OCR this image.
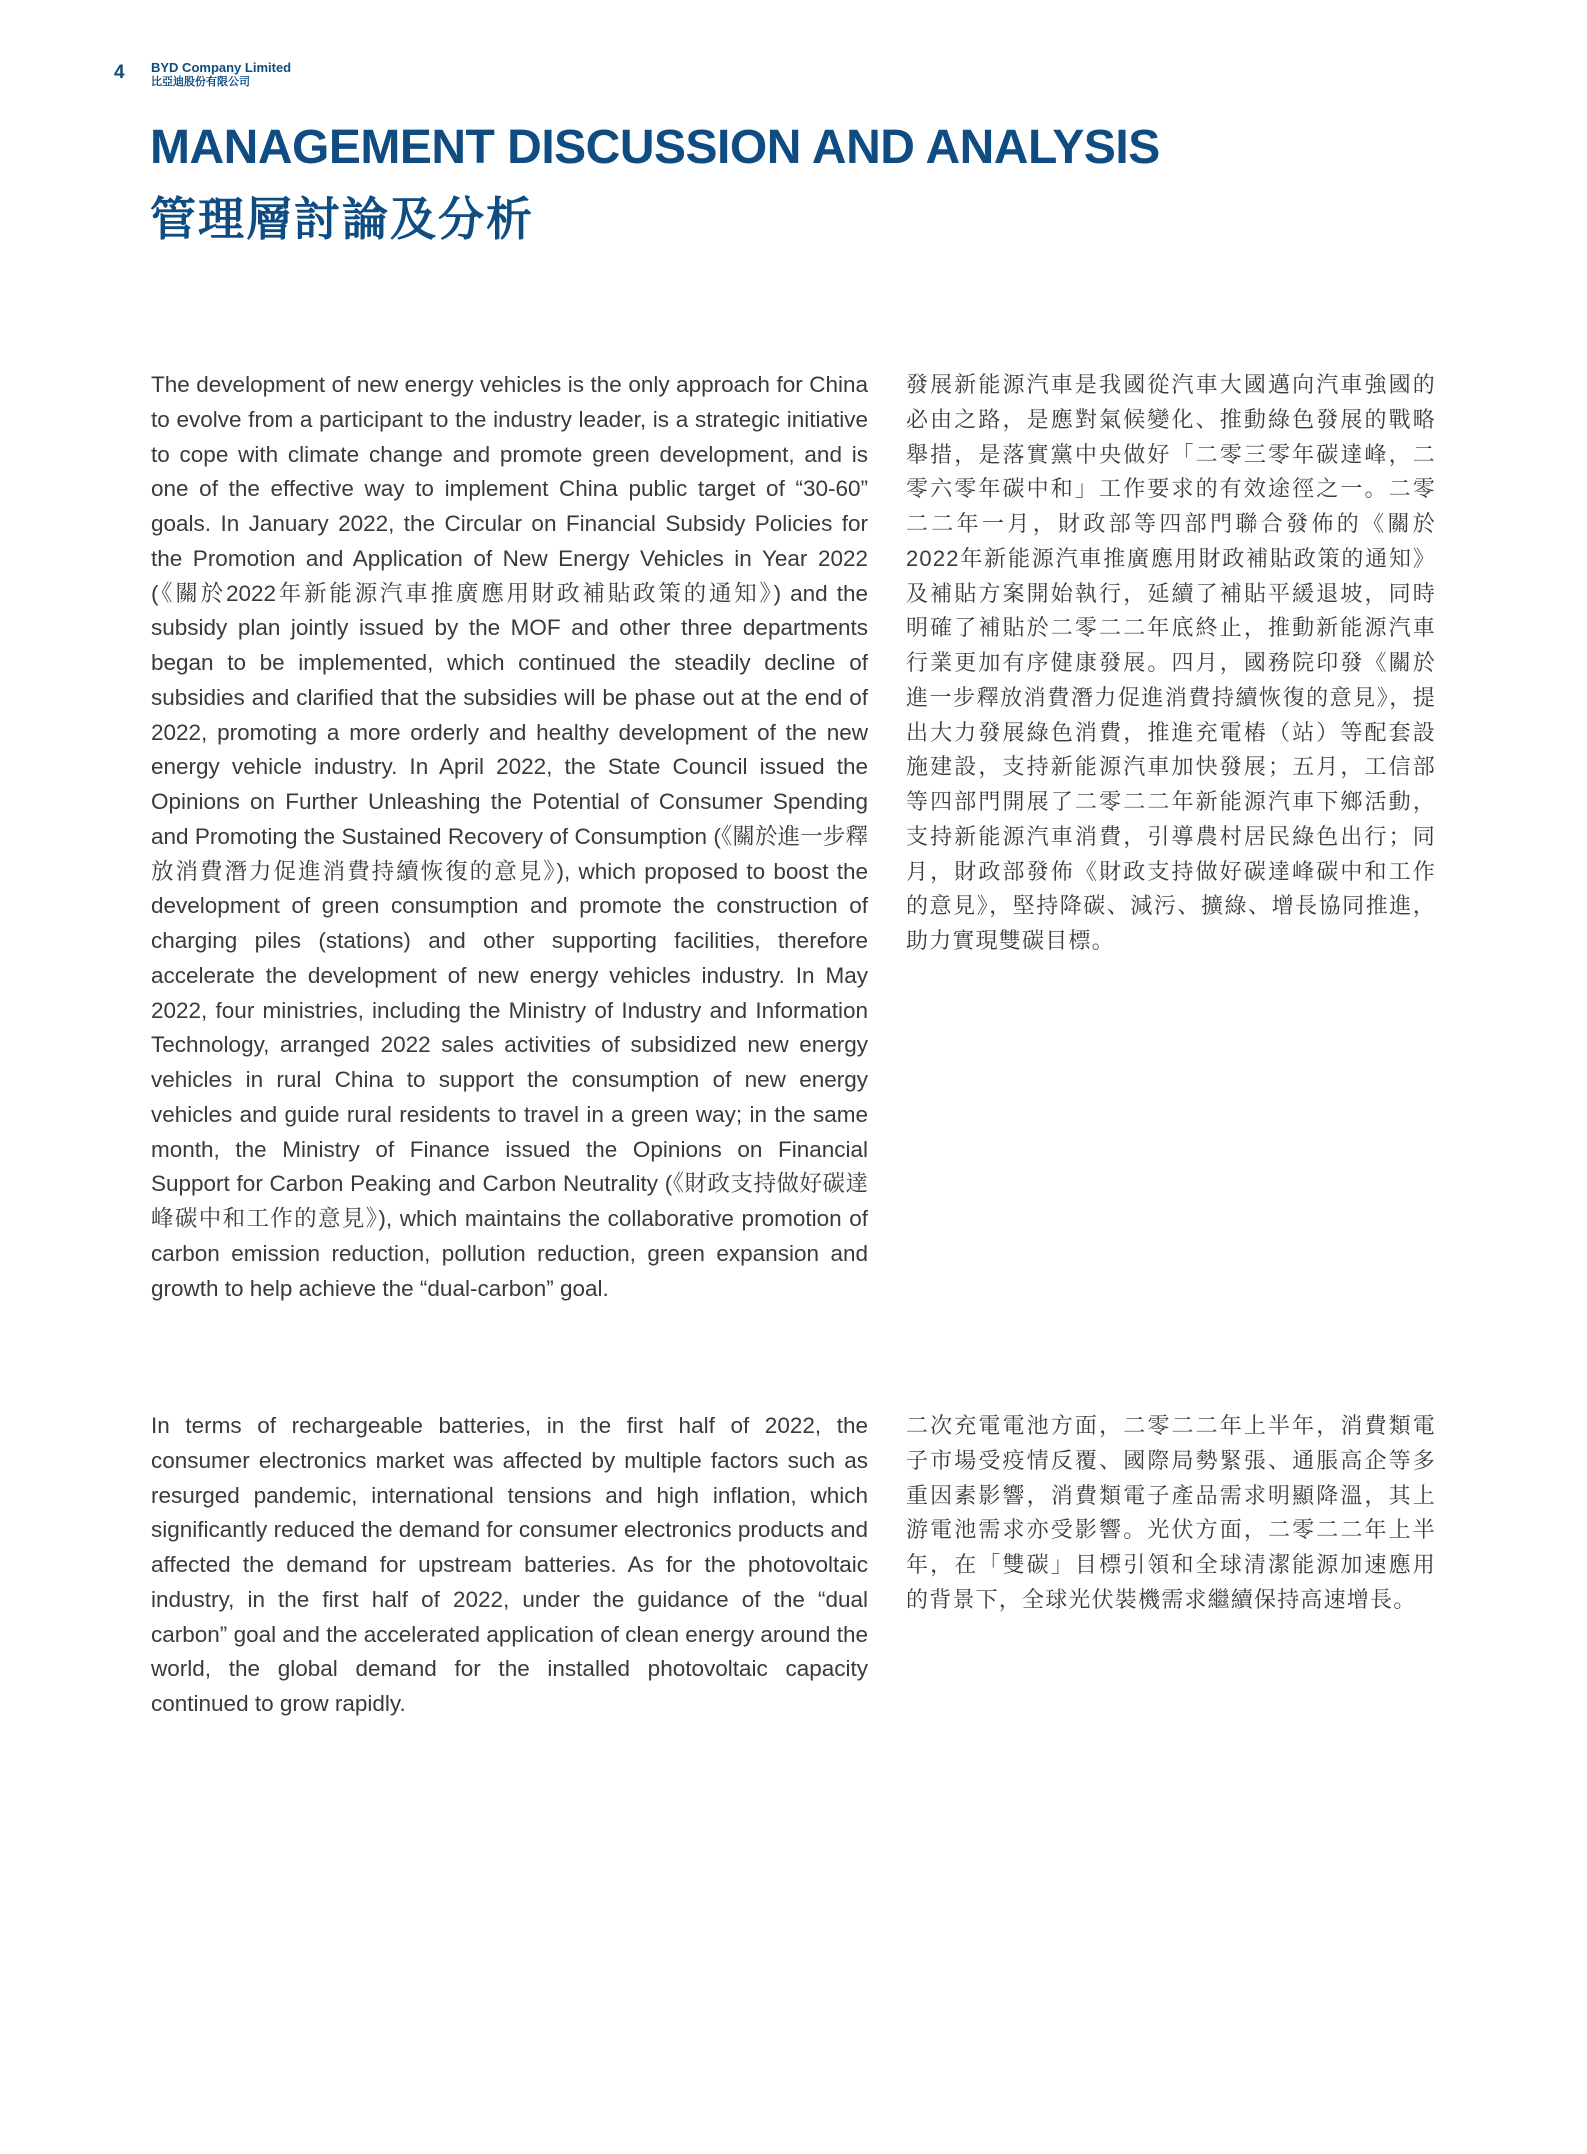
4 BYD Company Limited
比亞迪股份有限公司
MANAGEMENT DISCUSSION AND ANALYSIS
管理層討論及分析

The development of new energy vehicles is the only approach for China to evolve from a participant to the industry leader, is a strategic initiative to cope with climate change and promote green development, and is one of the effective way to implement China public target of “30-60” goals. In January 2022, the Circular on Financial Subsidy Policies for the Promotion and Application of New Energy Vehicles in Year 2022 (《關於2022年新能源汽車推廣應用財政補貼政策的通知》) and the subsidy plan jointly issued by the MOF and other three departments began to be implemented, which continued the steadily decline of subsidies and clarified that the subsidies will be phase out at the end of 2022, promoting a more orderly and healthy development of the new energy vehicle industry. In April 2022, the State Council issued the Opinions on Further Unleashing the Potential of Consumer Spending and Promoting the Sustained Recovery of Consumption (《關於進一步釋放消費潛力促進消費持續恢復的意見》), which proposed to boost the development of green consumption and promote the construction of charging piles (stations) and other supporting facilities, therefore accelerate the development of new energy vehicles industry. In May 2022, four ministries, including the Ministry of Industry and Information Technology, arranged 2022 sales activities of subsidized new energy vehicles in rural China to support the consumption of new energy vehicles and guide rural residents to travel in a green way; in the same month, the Ministry of Finance issued the Opinions on Financial Support for Carbon Peaking and Carbon Neutrality (《財政支持做好碳達峰碳中和工作的意見》), which maintains the collaborative promotion of carbon emission reduction, pollution reduction, green expansion and growth to help achieve the “dual-carbon” goal.

發展新能源汽車是我國從汽車大國邁向汽車強國的必由之路，是應對氣候變化、推動綠色發展的戰略舉措，是落實黨中央做好「二零三零年碳達峰，二零六零年碳中和」工作要求的有效途徑之一。二零二二年一月，財政部等四部門聯合發佈的《關於2022年新能源汽車推廣應用財政補貼政策的通知》及補貼方案開始執行，延續了補貼平緩退坡，同時明確了補貼於二零二二年底終止，推動新能源汽車行業更加有序健康發展。四月，國務院印發《關於進一步釋放消費潛力促進消費持續恢復的意見》，提出大力發展綠色消費，推進充電樁（站）等配套設施建設，支持新能源汽車加快發展；五月，工信部等四部門開展了二零二二年新能源汽車下鄉活動，支持新能源汽車消費，引導農村居民綠色出行；同月，財政部發佈《財政支持做好碳達峰碳中和工作的意見》，堅持降碳、減污、擴綠、增長協同推進，助力實現雙碳目標。

In terms of rechargeable batteries, in the first half of 2022, the consumer electronics market was affected by multiple factors such as resurged pandemic, international tensions and high inflation, which significantly reduced the demand for consumer electronics products and affected the demand for upstream batteries. As for the photovoltaic industry, in the first half of 2022, under the guidance of the “dual carbon” goal and the accelerated application of clean energy around the world, the global demand for the installed photovoltaic capacity continued to grow rapidly.

二次充電電池方面，二零二二年上半年，消費類電子市場受疫情反覆、國際局勢緊張、通脹高企等多重因素影響，消費類電子產品需求明顯降溫，其上游電池需求亦受影響。光伏方面，二零二二年上半年，在「雙碳」目標引領和全球清潔能源加速應用的背景下，全球光伏裝機需求繼續保持高速增長。
